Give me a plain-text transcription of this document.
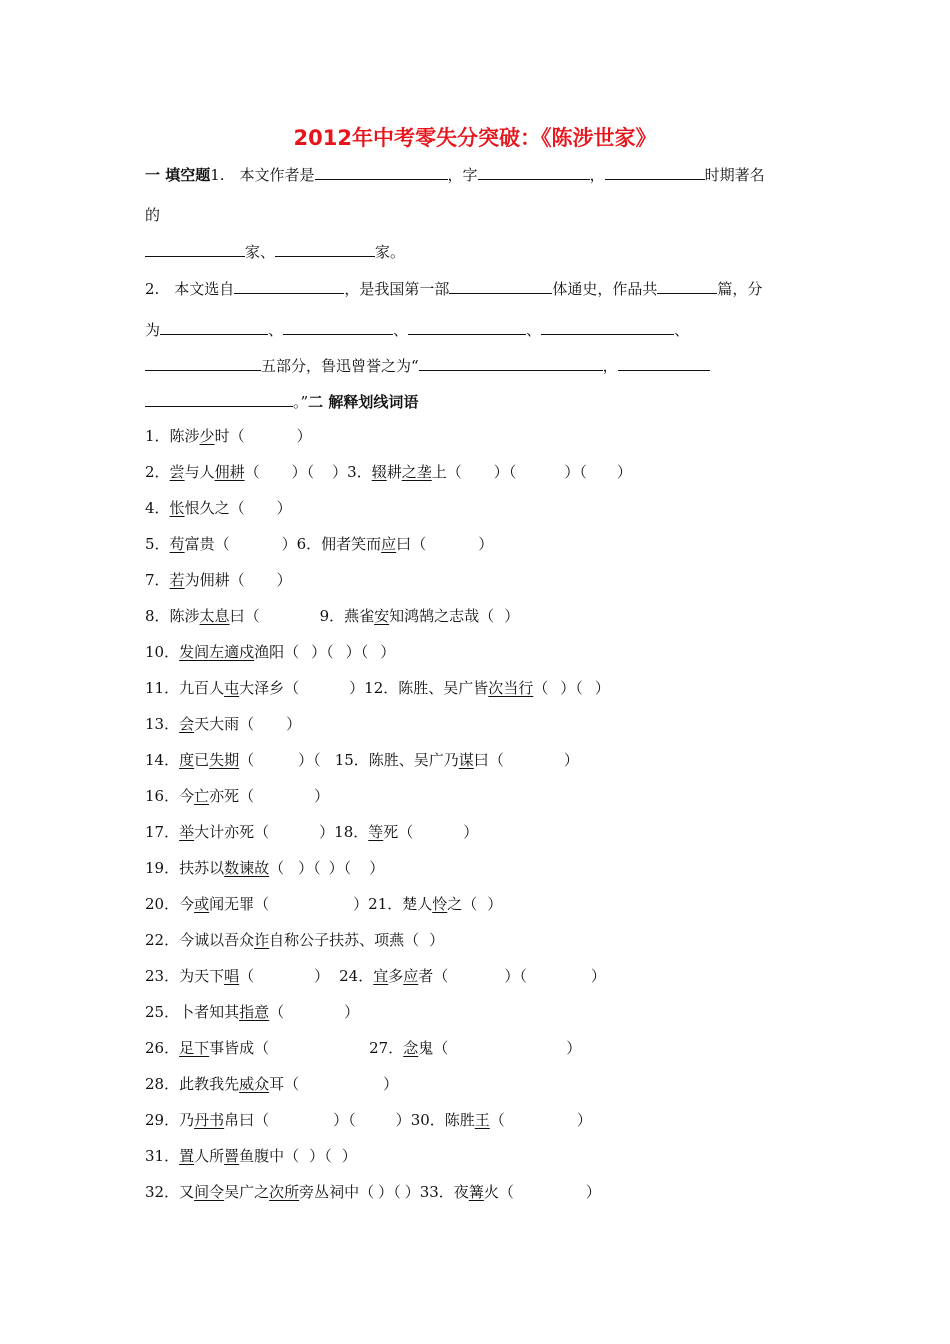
2012年中考零失分突破：《陈涉世家》
一 填空题1.　本文作者是	，字	，	时期著名
的
家、	家。
2.　本文选自	，是我国第一部	体通史，作品共	篇，分
为	、	、	、	、
五部分，鲁迅曾誉之为“	，
。”二 解释划线词语
1．陈涉少时（	）
2．尝与人佣耕（ ）（ ）3．辍耕之垄上（ ）（	）（ ）
4．怅恨久之（ ）
5．苟富贵（	）6．佣者笑而应曰（	）
7．若为佣耕（ ）
8．陈涉太息曰（	9．燕雀安知鸿鹄之志哉（ ）
10．发闾左適戍渔阳（ ）（ ）（ ）
11．九百人屯大泽乡（	）12．陈胜、吴广皆次当行（ ）（ ）
13．会天大雨（ ）
14．度已失期（	）（ 15．陈胜、吴广乃谋曰（	）
16．今亡亦死（	）
17．举大计亦死（	）18．等死（	）
19．扶苏以数谏故（ ）（ ）（ ）
20．今或闻无罪（	）21．楚人怜之（ ）
22．今诚以吾众诈自称公子扶苏、项燕（ ）
23．为天下唱（	） 24．宜多应者（	）（	）
25．卜者知其指意（	）
26．足下事皆成（	27．念鬼（	）
28．此教我先威众耳（	）
29．乃丹书帛曰（	）（	）30．陈胜王（	）
31．置人所罾鱼腹中（ ）（ ）
32．又间令吴广之次所旁丛祠中（ ）（ ）33．夜篝火（	）
